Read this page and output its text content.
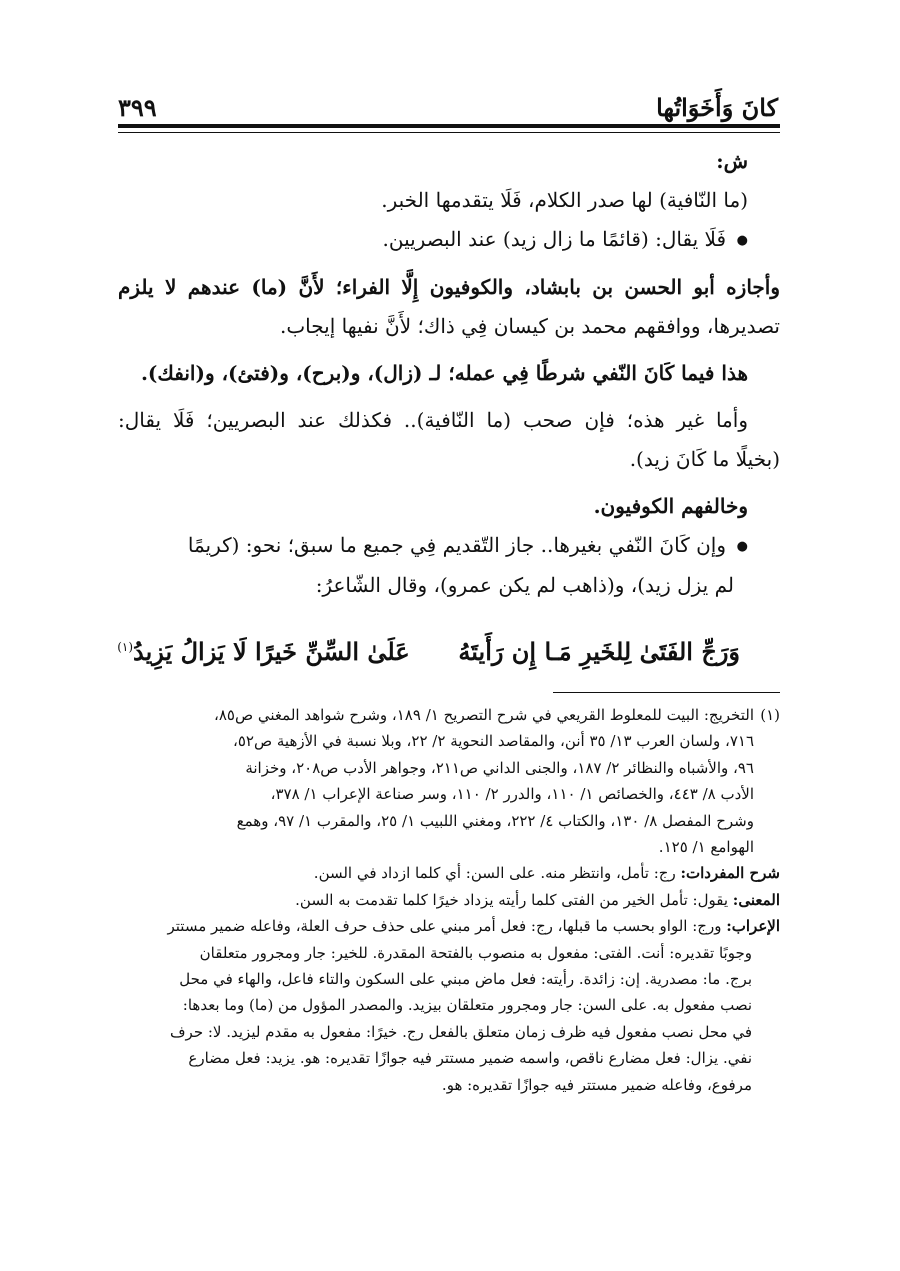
كانَ وَأَخَوَاتُها
٣٩٩
ش:
(ما النّافية) لها صدر الكلام، فَلَا يتقدمها الخبر.
●فَلَا يقال: (قائمًا ما زال زيد) عند البصريين.
وأجازه أبو الحسن بن بابشاد، والكوفيون إِلَّا الفراء؛ لأَنَّ (ما) عندهم لا يلزم
تصديرها، ووافقهم محمد بن كيسان فِي ذاك؛ لأَنَّ نفيها إيجاب.
هذا فيما كَانَ النّفي شرطًا فِي عمله؛ لـ (زال)، و(برح)، و(فتئ)، و(انفك).
وأما غير هذه؛ فإن صحب (ما النّافية).. فكذلك عند البصريين؛ فَلَا يقال:
(بخيلًا ما كَانَ زيد).
وخالفهم الكوفيون.
●وإن كَانَ النّفي بغيرها.. جاز التّقديم فِي جميع ما سبق؛ نحو: (كريمًا
لم يزل زيد)، و(ذاهب لم يكن عمرو)، وقال الشّاعرُ:
وَرَجِّ الفَتَىٰ لِلخَيرِ مَـا إِن رَأَيتَهُ عَلَىٰ السِّنِّ خَيرًا لَا يَزالُ يَزِيدُ$^{(١)}$
(١)التخريج: البيت للمعلوط القريعي في شرح التصريح ١/ ١٨٩، وشرح شواهد المغني ص٨٥،
٧١٦، ولسان العرب ١٣/ ٣٥ أنن، والمقاصد النحوية ٢/ ٢٢، وبلا نسبة في الأزهية ص٥٢،
٩٦، والأشباه والنظائر ٢/ ١٨٧، والجنى الداني ص٢١١، وجواهر الأدب ص٢٠٨، وخزانة
الأدب ٨/ ٤٤٣، والخصائص ١/ ١١٠، والدرر ٢/ ١١٠، وسر صناعة الإعراب ١/ ٣٧٨،
وشرح المفصل ٨/ ١٣٠، والكتاب ٤/ ٢٢٢، ومغني اللبيب ١/ ٢٥، والمقرب ١/ ٩٧، وهمع
الهوامع ١/ ١٢٥.
شرح المفردات: رج: تأمل، وانتظر منه. على السن: أي كلما ازداد في السن.
المعنى: يقول: تأمل الخير من الفتى كلما رأيته يزداد خيرًا كلما تقدمت به السن.
الإعراب: ورج: الواو بحسب ما قبلها، رج: فعل أمر مبني على حذف حرف العلة، وفاعله ضمير مستتر
وجوبًا تقديره: أنت. الفتى: مفعول به منصوب بالفتحة المقدرة. للخير: جار ومجرور متعلقان
برج. ما: مصدرية. إن: زائدة. رأيته: فعل ماض مبني على السكون والتاء فاعل، والهاء في محل
نصب مفعول به. على السن: جار ومجرور متعلقان بيزيد. والمصدر المؤول من (ما) وما بعدها:
في محل نصب مفعول فيه ظرف زمان متعلق بالفعل رج. خيرًا: مفعول به مقدم ليزيد. لا: حرف
نفي. يزال: فعل مضارع ناقص، واسمه ضمير مستتر فيه جوازًا تقديره: هو. يزيد: فعل مضارع
مرفوع، وفاعله ضمير مستتر فيه جوازًا تقديره: هو.
